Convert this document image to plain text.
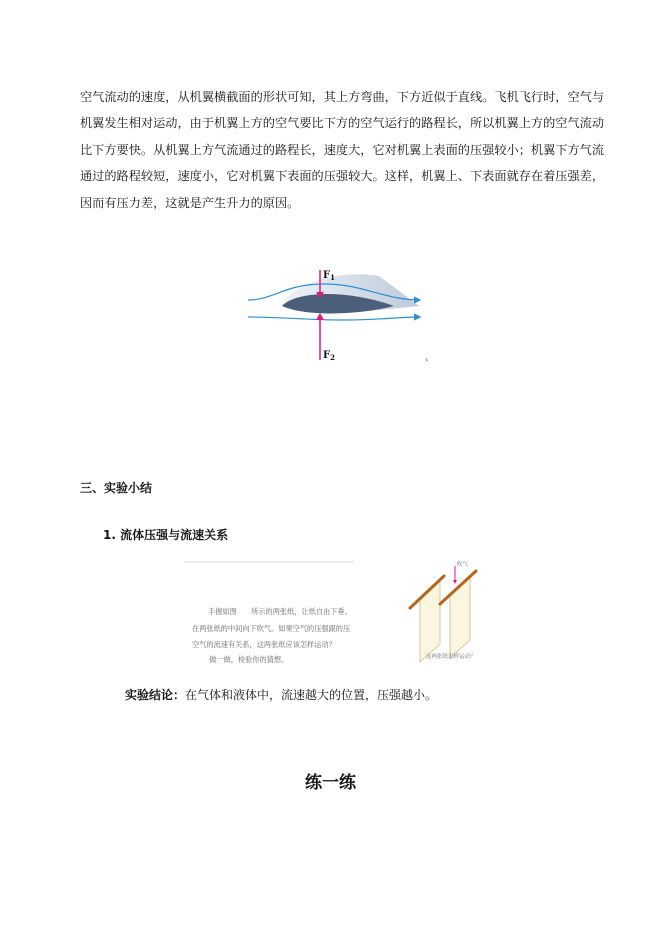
空气流动的速度，从机翼横截面的形状可知，其上方弯曲，下方近似于直线。飞机飞行时，空气与
机翼发生相对运动，由于机翼上方的空气要比下方的空气运行的路程长，所以机翼上方的空气流动
比下方要快。从机翼上方气流通过的路程长，速度大，它对机翼上表面的压强较小；机翼下方气流
通过的路程较短，速度小，它对机翼下表面的压强较大。这样，机翼上、下表面就存在着压强差，
因而有压力差，这就是产生升力的原因。

$F_1$
$F_2$	‹

三、实验小结

1. 流体压强与流速关系

手握如图　　所示的两张纸，让纸自由下垂。
在两张纸的中间向下吹气。如果空气的压强跟的压
空气的流速有关系，这两张纸应该怎样运动？
　做一做，检验你的猜想。
吹气
这两张纸怎样运动？

实验结论：在气体和液体中，流速越大的位置，压强越小。

练一练
